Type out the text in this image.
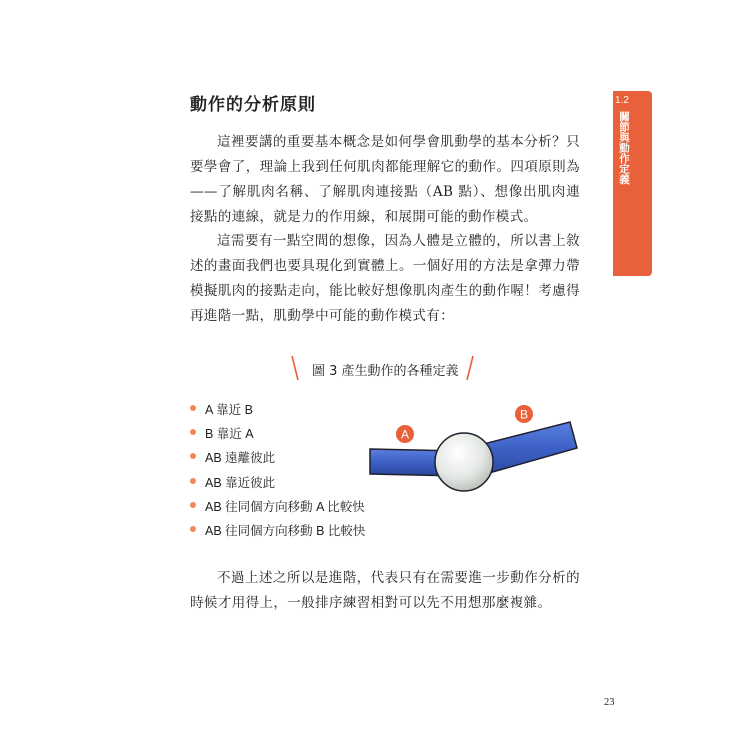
動作的分析原則	1.2
關節與動作定義

這裡要講的重要基本概念是如何學會肌動學的基本分析？只要學會了，理論上我到任何肌肉都能理解它的動作。四項原則為——了解肌肉名稱、了解肌肉連接點（AB 點）、想像出肌肉連接點的連線，就是力的作用線，和展開可能的動作模式。

這需要有一點空間的想像，因為人體是立體的，所以書上敘述的畫面我們也要具現化到實體上。一個好用的方法是拿彈力帶模擬肌肉的接點走向，能比較好想像肌肉產生的動作喔！考慮得再進階一點，肌動學中可能的動作模式有：

圖 3 產生動作的各種定義
A 靠近 B
B 靠近 A
AB 遠離彼此
AB 靠近彼此
AB 往同個方向移動 A 比較快
AB 往同個方向移動 B 比較快
A
B

不過上述之所以是進階，代表只有在需要進一步動作分析的時候才用得上，一般排序練習相對可以先不用想那麼複雜。

23
